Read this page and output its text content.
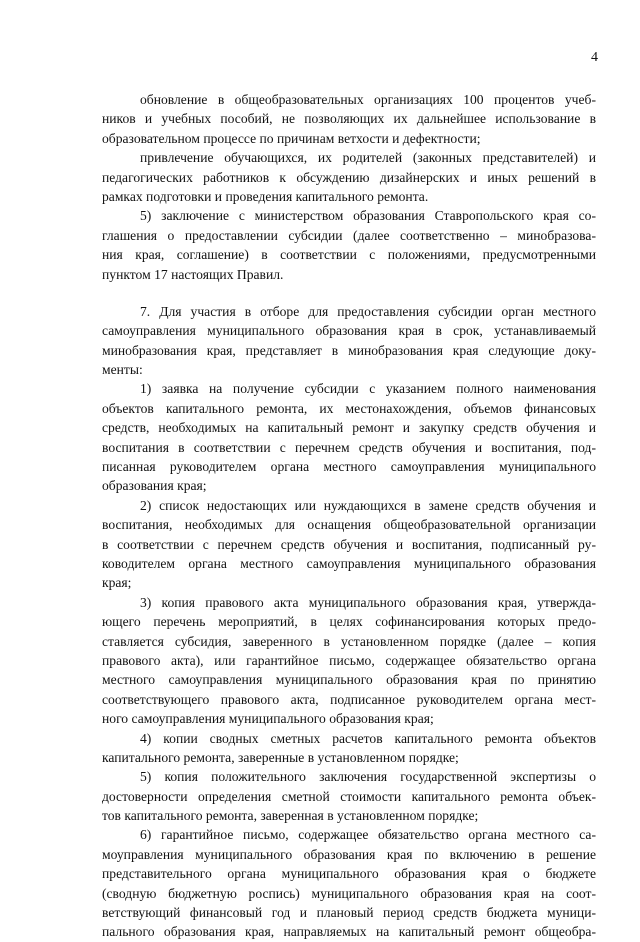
4
обновление в общеобразовательных организациях 100 процентов учеб-
ников и учебных пособий, не позволяющих их дальнейшее использование в
образовательном процессе по причинам ветхости и дефектности;
привлечение обучающихся, их родителей (законных представителей) и
педагогических работников к обсуждению дизайнерских и иных решений в
рамках подготовки и проведения капитального ремонта.
5) заключение с министерством образования Ставропольского края со-
глашения о предоставлении субсидии (далее соответственно – минобразова-
ния края, соглашение) в соответствии с положениями, предусмотренными
пунктом 17 настоящих Правил.
7. Для участия в отборе для предоставления субсидии орган местного
самоуправления муниципального образования края в срок, устанавливаемый
минобразования края, представляет в минобразования края следующие доку-
менты:
1) заявка на получение субсидии с указанием полного наименования
объектов капитального ремонта, их местонахождения, объемов финансовых
средств, необходимых на капитальный ремонт и закупку средств обучения и
воспитания в соответствии с перечнем средств обучения и воспитания, под-
писанная руководителем органа местного самоуправления муниципального
образования края;
2) список недостающих или нуждающихся в замене средств обучения и
воспитания, необходимых для оснащения общеобразовательной организации
в соответствии с перечнем средств обучения и воспитания, подписанный ру-
ководителем органа местного самоуправления муниципального образования
края;
3) копия правового акта муниципального образования края, утвержда-
ющего перечень мероприятий, в целях софинансирования которых предо-
ставляется субсидия, заверенного в установленном порядке (далее – копия
правового акта), или гарантийное письмо, содержащее обязательство органа
местного самоуправления муниципального образования края по принятию
соответствующего правового акта, подписанное руководителем органа мест-
ного самоуправления муниципального образования края;
4) копии сводных сметных расчетов капитального ремонта объектов
капитального ремонта, заверенные в установленном порядке;
5) копия положительного заключения государственной экспертизы о
достоверности определения сметной стоимости капитального ремонта объек-
тов капитального ремонта, заверенная в установленном порядке;
6) гарантийное письмо, содержащее обязательство органа местного са-
моуправления муниципального образования края по включению в решение
представительного органа муниципального образования края о бюджете
(сводную бюджетную роспись) муниципального образования края на соот-
ветствующий финансовый год и плановый период средств бюджета муници-
пального образования края, направляемых на капитальный ремонт общеобра-
